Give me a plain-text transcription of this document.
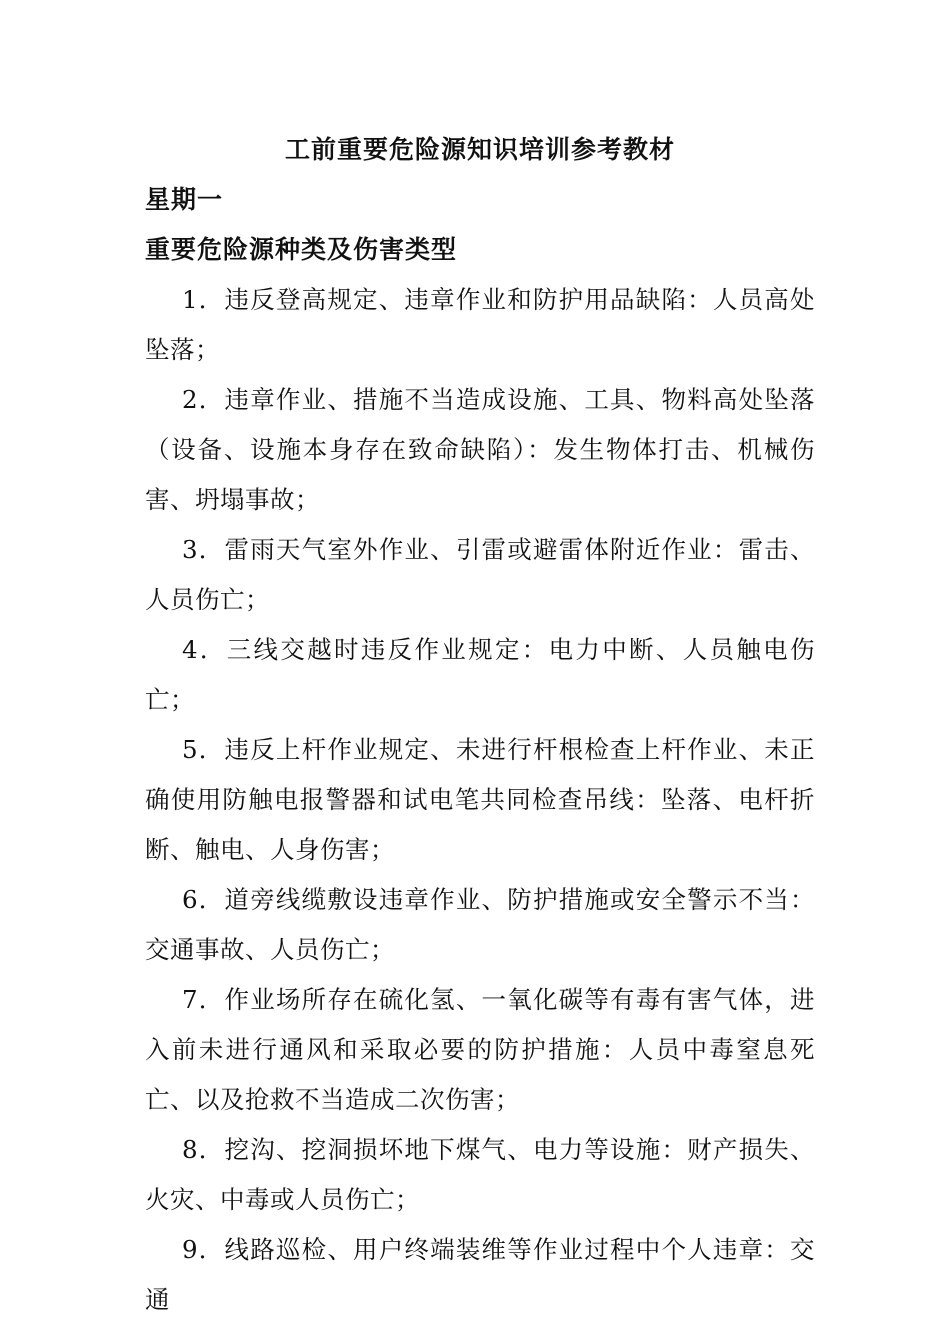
工前重要危险源知识培训参考教材
星期一
重要危险源种类及伤害类型

1．违反登高规定、违章作业和防护用品缺陷：人员高处坠落；

2．违章作业、措施不当造成设施、工具、物料高处坠落（设备、设施本身存在致命缺陷）：发生物体打击、机械伤害、坍塌事故；

3．雷雨天气室外作业、引雷或避雷体附近作业：雷击、人员伤亡；

4．三线交越时违反作业规定：电力中断、人员触电伤亡；

5．违反上杆作业规定、未进行杆根检查上杆作业、未正确使用防触电报警器和试电笔共同检查吊线：坠落、电杆折断、触电、人身伤害；

6．道旁线缆敷设违章作业、防护措施或安全警示不当：交通事故、人员伤亡；

7．作业场所存在硫化氢、一氧化碳等有毒有害气体，进入前未进行通风和采取必要的防护措施：人员中毒窒息死亡、以及抢救不当造成二次伤害；

8．挖沟、挖洞损坏地下煤气、电力等设施：财产损失、火灾、中毒或人员伤亡；

9．线路巡检、用户终端装维等作业过程中个人违章：交通
